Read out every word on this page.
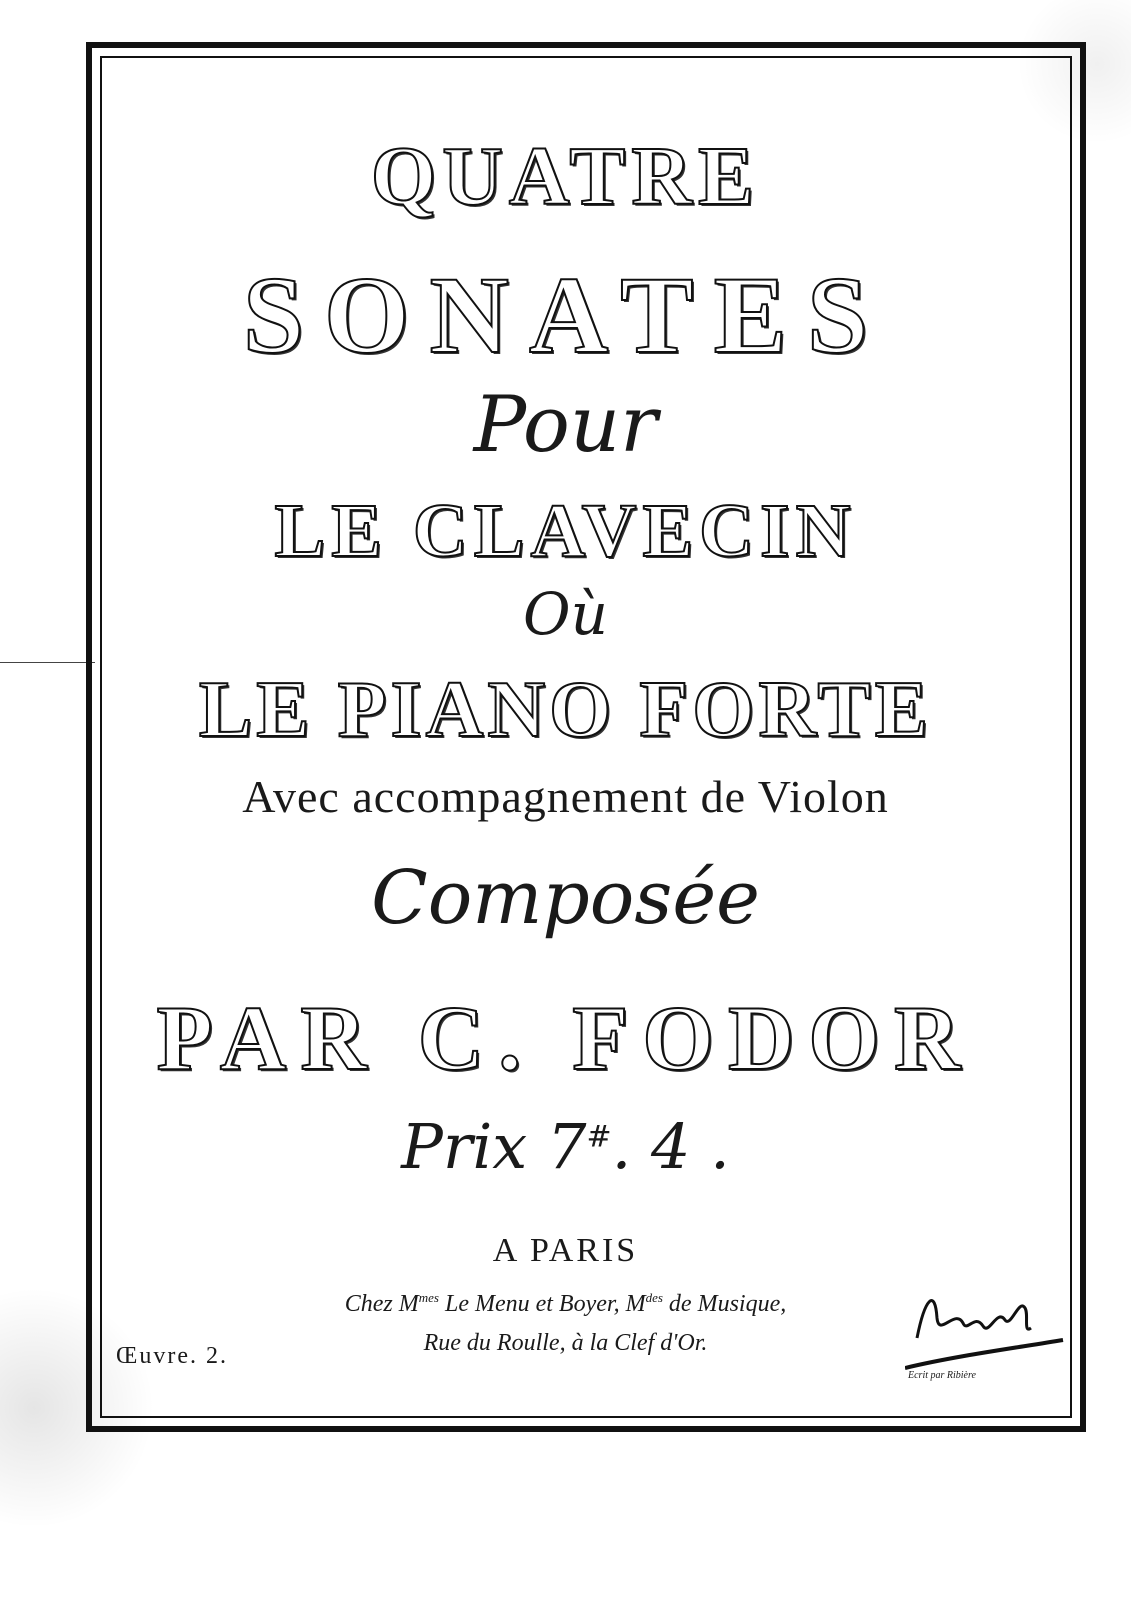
QUATRE
SONATES
Pour
LE CLAVECIN
Où
LE PIANO FORTE
Avec accompagnement de Violon
Composée
PAR C. FODOR
Prix 7#. 4 .
A PARIS
Chez $M^{mes}$ Le Menu et Boyer, $M^{des}$ de Musique,
Rue du Roulle, à la Clef d'Or.
Œuvre. 2.
Ecrit par Ribière
